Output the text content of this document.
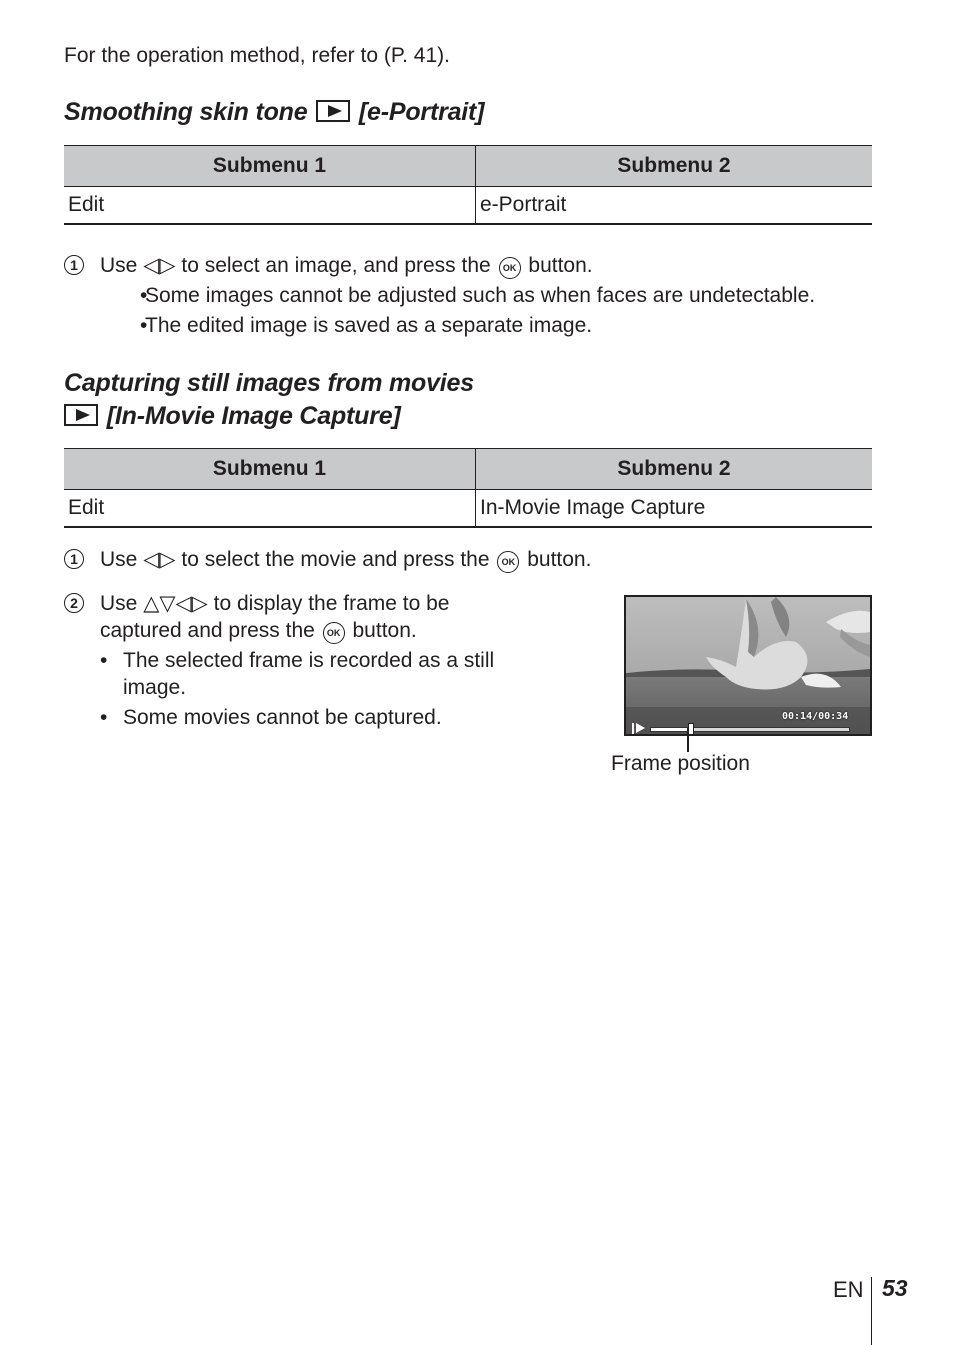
For the operation method, refer to (P. 41).
Smoothing skin tone [e-Portrait]
Submenu 1	Submenu 2
Edit	e-Portrait
1	Use ◁▷ to select an image, and press the OK button.
• Some images cannot be adjusted such as when faces are undetectable.
• The edited image is saved as a separate image.
Capturing still images from movies
[In-Movie Image Capture]
Submenu 1	Submenu 2
Edit	In-Movie Image Capture
1	Use ◁▷ to select the movie and press the OK button.
2	Use △▽◁▷ to display the frame to be
captured and press the OK button.
• The selected frame is recorded as a still image.
• Some movies cannot be captured.	00:14/00:34
Frame position
EN 53
